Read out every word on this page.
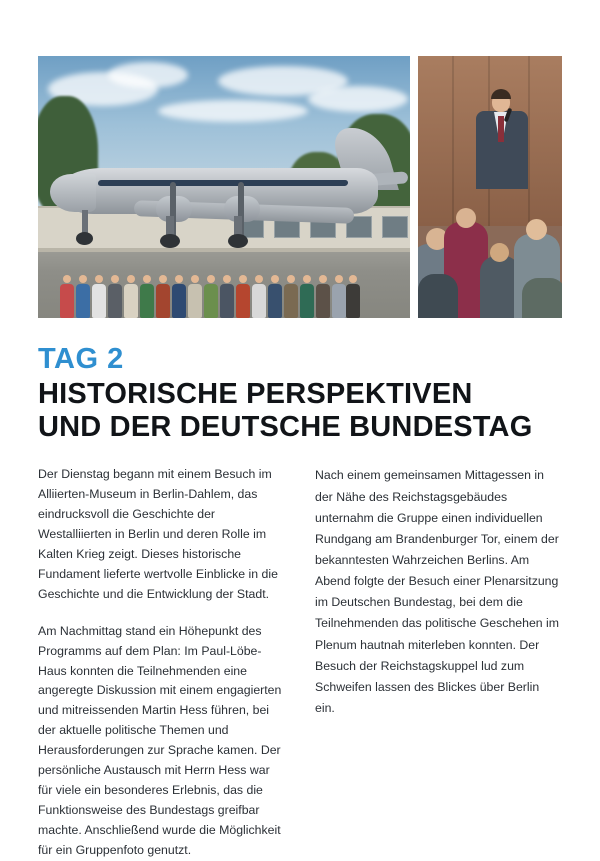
TAG 2
HISTORISCHE PERSPEKTIVEN
UND DER DEUTSCHE BUNDESTAG

Der Dienstag begann mit einem Besuch im Alliierten-Museum in Berlin-Dahlem, das eindrucksvoll die Geschichte der Westalliierten in Berlin und deren Rolle im Kalten Krieg zeigt. Dieses historische Fundament lieferte wertvolle Einblicke in die Geschichte und die Entwicklung der Stadt.

Am Nachmittag stand ein Höhepunkt des Programms auf dem Plan: Im Paul-Löbe-Haus konnten die Teilnehmenden eine angeregte Diskussion mit einem engagierten und mitreissenden Martin Hess führen, bei der aktuelle politische Themen und Herausforderungen zur Sprache kamen. Der persönliche Austausch mit Herrn Hess war für viele ein besonderes Erlebnis, das die Funktionsweise des Bundestags greifbar machte. Anschließend wurde die Möglichkeit für ein Gruppenfoto genutzt.

Nach einem gemeinsamen Mittagessen in der Nähe des Reichstagsgebäudes unternahm die Gruppe einen individuellen Rundgang am Brandenburger Tor, einem der bekanntesten Wahrzeichen Berlins. Am Abend folgte der Besuch einer Plenarsitzung im Deutschen Bundestag, bei dem die Teilnehmenden das politische Geschehen im Plenum hautnah miterleben konnten. Der Besuch der Reichstagskuppel lud zum Schweifen lassen des Blickes über Berlin ein.
